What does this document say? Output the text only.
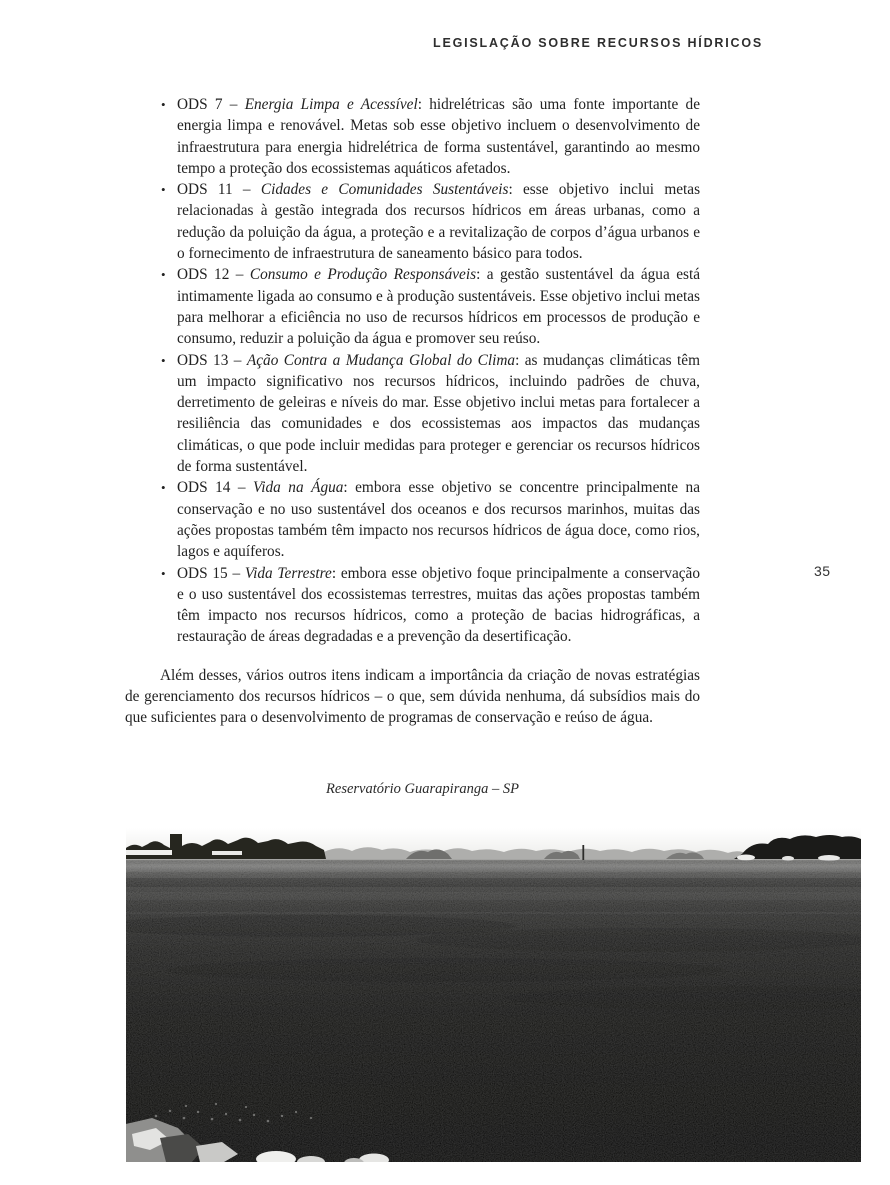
LEGISLAÇÃO SOBRE RECURSOS HÍDRICOS
35
• ODS 7 – Energia Limpa e Acessível: hidrelétricas são uma fonte importante de energia limpa e renovável. Metas sob esse objetivo incluem o desenvolvimento de infraestrutura para energia hidrelétrica de forma sustentável, garantindo ao mesmo tempo a proteção dos ecossistemas aquáticos afetados.
• ODS 11 – Cidades e Comunidades Sustentáveis: esse objetivo inclui metas relacionadas à gestão integrada dos recursos hídricos em áreas urbanas, como a redução da poluição da água, a proteção e a revitalização de corpos d’água urbanos e o fornecimento de infraestrutura de saneamento básico para todos.
• ODS 12 – Consumo e Produção Responsáveis: a gestão sustentável da água está intimamente ligada ao consumo e à produção sustentáveis. Esse objetivo inclui metas para melhorar a eficiência no uso de recursos hídricos em processos de produção e consumo, reduzir a poluição da água e promover seu reúso.
• ODS 13 – Ação Contra a Mudança Global do Clima: as mudanças climáticas têm um impacto significativo nos recursos hídricos, incluindo padrões de chuva, derretimento de geleiras e níveis do mar. Esse objetivo inclui metas para fortalecer a resiliência das comunidades e dos ecossistemas aos impactos das mudanças climáticas, o que pode incluir medidas para proteger e gerenciar os recursos hídricos de forma sustentável.
• ODS 14 – Vida na Água: embora esse objetivo se concentre principalmente na conservação e no uso sustentável dos oceanos e dos recursos marinhos, muitas das ações propostas também têm impacto nos recursos hídricos de água doce, como rios, lagos e aquíferos.
• ODS 15 – Vida Terrestre: embora esse objetivo foque principalmente a conservação e o uso sustentável dos ecossistemas terrestres, muitas das ações propostas também têm impacto nos recursos hídricos, como a proteção de bacias hidrográficas, a restauração de áreas degradadas e a prevenção da desertificação.

Além desses, vários outros itens indicam a importância da criação de novas estratégias de gerenciamento dos recursos hídricos – o que, sem dúvida nenhuma, dá subsídios mais do que suficientes para o desenvolvimento de programas de conservação e reúso de água.

Reservatório Guarapiranga – SP
